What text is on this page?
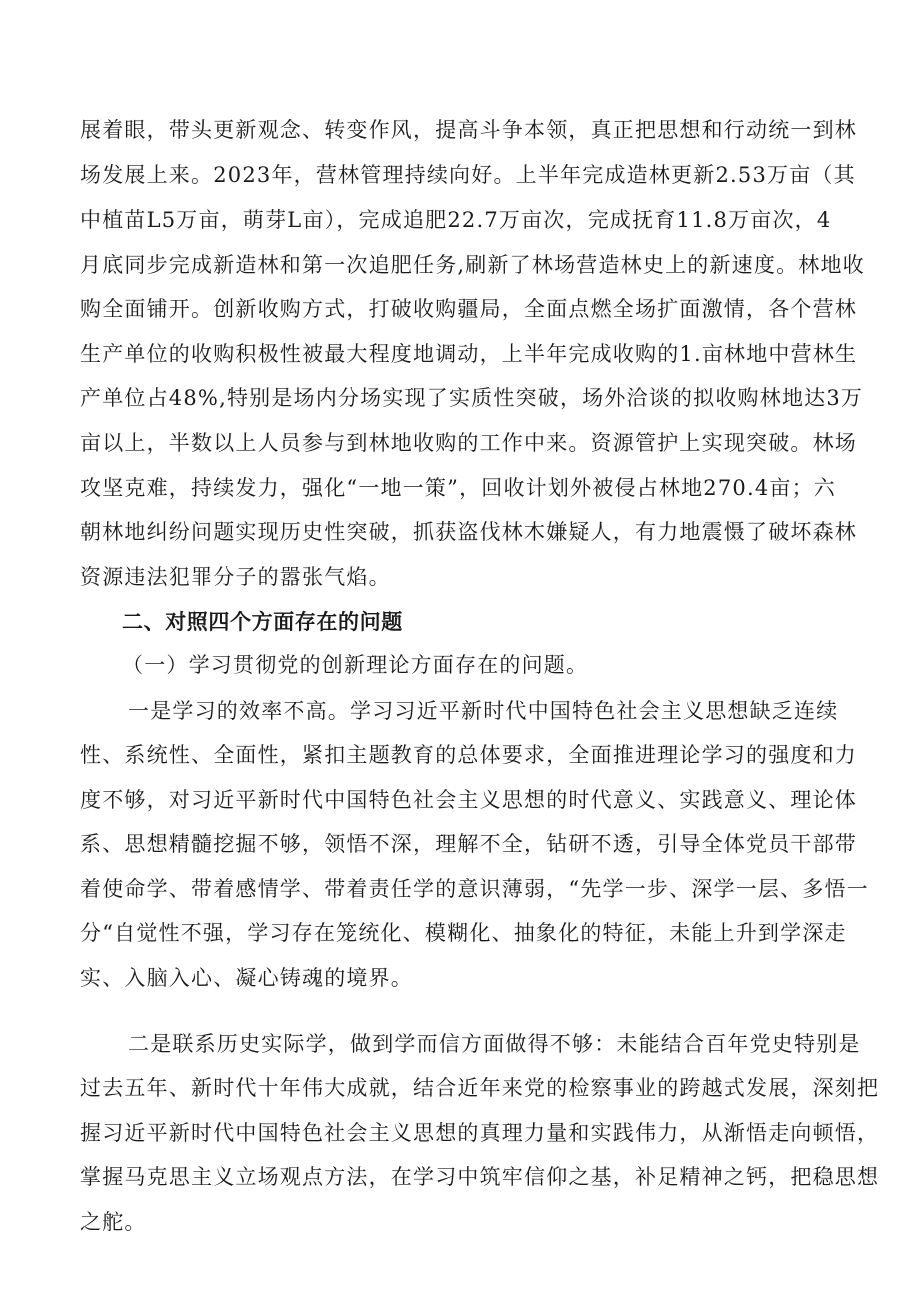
展着眼，带头更新观念、转变作风，提高斗争本领，真正把思想和行动统一到林
场发展上来。2023年，营林管理持续向好。上半年完成造林更新2.53万亩（其
中植苗L5万亩，萌芽L亩），完成追肥22.7万亩次，完成抚育11.8万亩次，4
月底同步完成新造林和第一次追肥任务,刷新了林场营造林史上的新速度。林地收
购全面铺开。创新收购方式，打破收购疆局，全面点燃全场扩面激情，各个营林
生产单位的收购积极性被最大程度地调动，上半年完成收购的1.亩林地中营林生
产单位占48%,特别是场内分场实现了实质性突破，场外洽谈的拟收购林地达3万
亩以上，半数以上人员参与到林地收购的工作中来。资源管护上实现突破。林场
攻坚克难，持续发力，强化“一地一策”，回收计划外被侵占林地270.4亩；六
朝林地纠纷问题实现历史性突破，抓获盗伐林木嫌疑人，有力地震慑了破坏森林
资源违法犯罪分子的嚣张气焰。
二、对照四个方面存在的问题
（一）学习贯彻党的创新理论方面存在的问题。
一是学习的效率不高。学习习近平新时代中国特色社会主义思想缺乏连续
性、系统性、全面性，紧扣主题教育的总体要求，全面推进理论学习的强度和力
度不够，对习近平新时代中国特色社会主义思想的时代意义、实践意义、理论体
系、思想精髓挖掘不够，领悟不深，理解不全，钻研不透，引导全体党员干部带
着使命学、带着感情学、带着责任学的意识薄弱，“先学一步、深学一层、多悟一
分“自觉性不强，学习存在笼统化、模糊化、抽象化的特征，未能上升到学深走
实、入脑入心、凝心铸魂的境界。
二是联系历史实际学，做到学而信方面做得不够：未能结合百年党史特别是
过去五年、新时代十年伟大成就，结合近年来党的检察事业的跨越式发展，深刻把
握习近平新时代中国特色社会主义思想的真理力量和实践伟力，从渐悟走向顿悟，
掌握马克思主义立场观点方法，在学习中筑牢信仰之基，补足精神之钙，把稳思想
之舵。
